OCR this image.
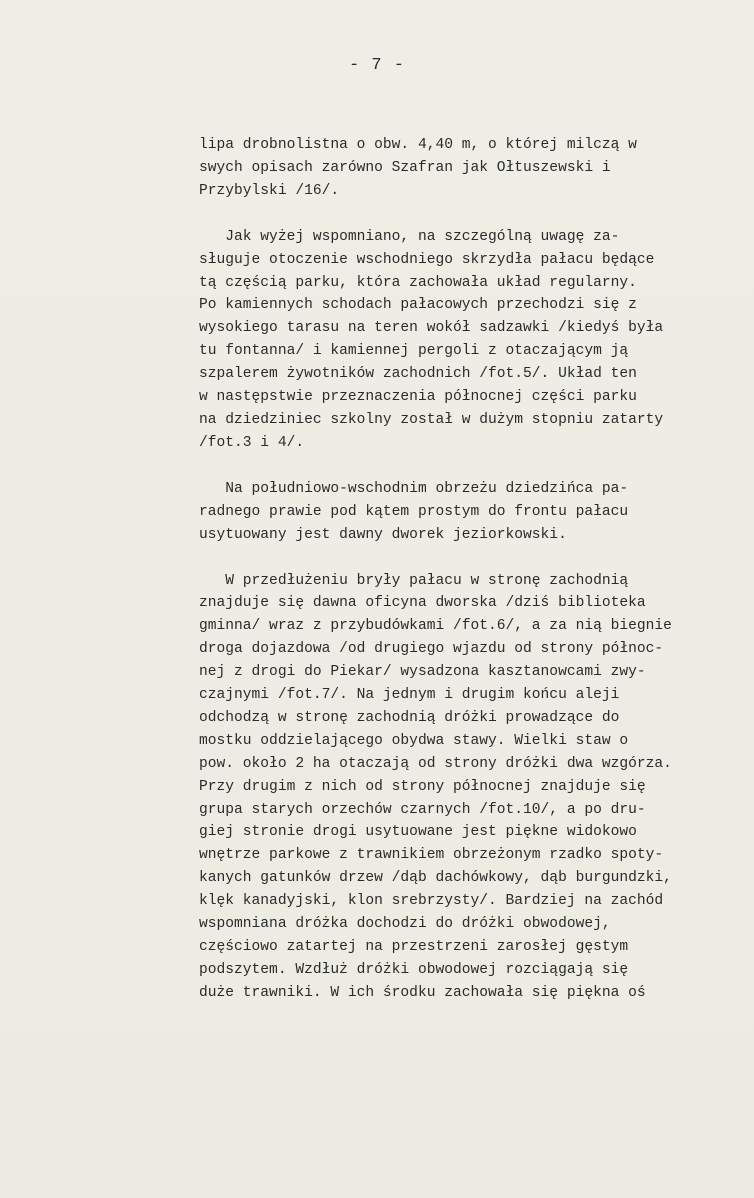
- 7 -

lipa drobnolistna o obw. 4,40 m, o której milczą w
swych opisach zarówno Szafran jak Ołtuszewski i
Przybylski /16/.

Jak wyżej wspomniano, na szczególną uwagę za-
sługuje otoczenie wschodniego skrzydła pałacu będące
tą częścią parku, która zachowała układ regularny.
Po kamiennych schodach pałacowych przechodzi się z
wysokiego tarasu na teren wokół sadzawki /kiedyś była
tu fontanna/ i kamiennej pergoli z otaczającym ją
szpalerem żywotników zachodnich /fot.5/. Układ ten
w następstwie przeznaczenia północnej części parku
na dziedziniec szkolny został w dużym stopniu zatarty
/fot.3 i 4/.

Na południowo-wschodnim obrzeżu dziedzińca pa-
radnego prawie pod kątem prostym do frontu pałacu
usytuowany jest dawny dworek jeziorkowski.

W przedłużeniu bryły pałacu w stronę zachodnią
znajduje się dawna oficyna dworska /dziś biblioteka
gminna/ wraz z przybudówkami /fot.6/, a za nią biegnie
droga dojazdowa /od drugiego wjazdu od strony północ-
nej z drogi do Piekar/ wysadzona kasztanowcami zwy-
czajnymi /fot.7/. Na jednym i drugim końcu aleji
odchodzą w stronę zachodnią dróżki prowadzące do
mostku oddzielającego obydwa stawy. Wielki staw o
pow. około 2 ha otaczają od strony dróżki dwa wzgórza.
Przy drugim z nich od strony północnej znajduje się
grupa starych orzechów czarnych /fot.10/, a po dru-
giej stronie drogi usytuowane jest piękne widokowo
wnętrze parkowe z trawnikiem obrzeżonym rzadko spoty-
kanych gatunków drzew /dąb dachówkowy, dąb burgundzki,
klęk kanadyjski, klon srebrzysty/. Bardziej na zachód
wspomniana dróżka dochodzi do dróżki obwodowej,
częściowo zatartej na przestrzeni zarosłej gęstym
podszytem. Wzdłuż dróżki obwodowej rozciągają się
duże trawniki. W ich środku zachowała się piękna oś
